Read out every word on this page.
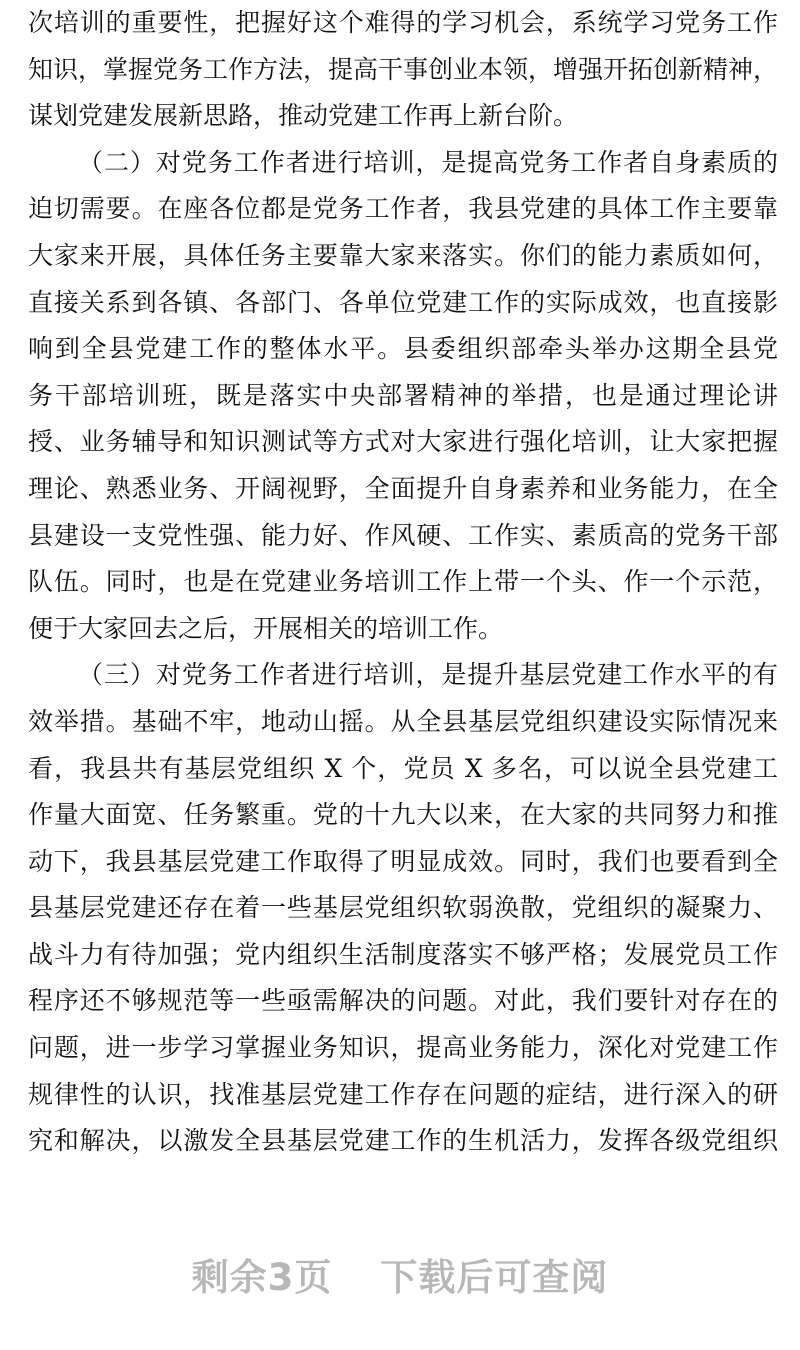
次培训的重要性，把握好这个难得的学习机会，系统学习党务工作
知识，掌握党务工作方法，提高干事创业本领，增强开拓创新精神，
谋划党建发展新思路，推动党建工作再上新台阶。
（二）对党务工作者进行培训，是提高党务工作者自身素质的
迫切需要。在座各位都是党务工作者，我县党建的具体工作主要靠
大家来开展，具体任务主要靠大家来落实。你们的能力素质如何，
直接关系到各镇、各部门、各单位党建工作的实际成效，也直接影
响到全县党建工作的整体水平。县委组织部牵头举办这期全县党
务干部培训班，既是落实中央部署精神的举措，也是通过理论讲
授、业务辅导和知识测试等方式对大家进行强化培训，让大家把握
理论、熟悉业务、开阔视野，全面提升自身素养和业务能力，在全
县建设一支党性强、能力好、作风硬、工作实、素质高的党务干部
队伍。同时，也是在党建业务培训工作上带一个头、作一个示范，
便于大家回去之后，开展相关的培训工作。
（三）对党务工作者进行培训，是提升基层党建工作水平的有
效举措。基础不牢，地动山摇。从全县基层党组织建设实际情况来
看，我县共有基层党组织 X 个，党员 X 多名，可以说全县党建工
作量大面宽、任务繁重。党的十九大以来，在大家的共同努力和推
动下，我县基层党建工作取得了明显成效。同时，我们也要看到全
县基层党建还存在着一些基层党组织软弱涣散，党组织的凝聚力、
战斗力有待加强；党内组织生活制度落实不够严格；发展党员工作
程序还不够规范等一些亟需解决的问题。对此，我们要针对存在的
问题，进一步学习掌握业务知识，提高业务能力，深化对党建工作
规律性的认识，找准基层党建工作存在问题的症结，进行深入的研
究和解决，以激发全县基层党建工作的生机活力，发挥各级党组织
剩余3页 下载后可查阅
